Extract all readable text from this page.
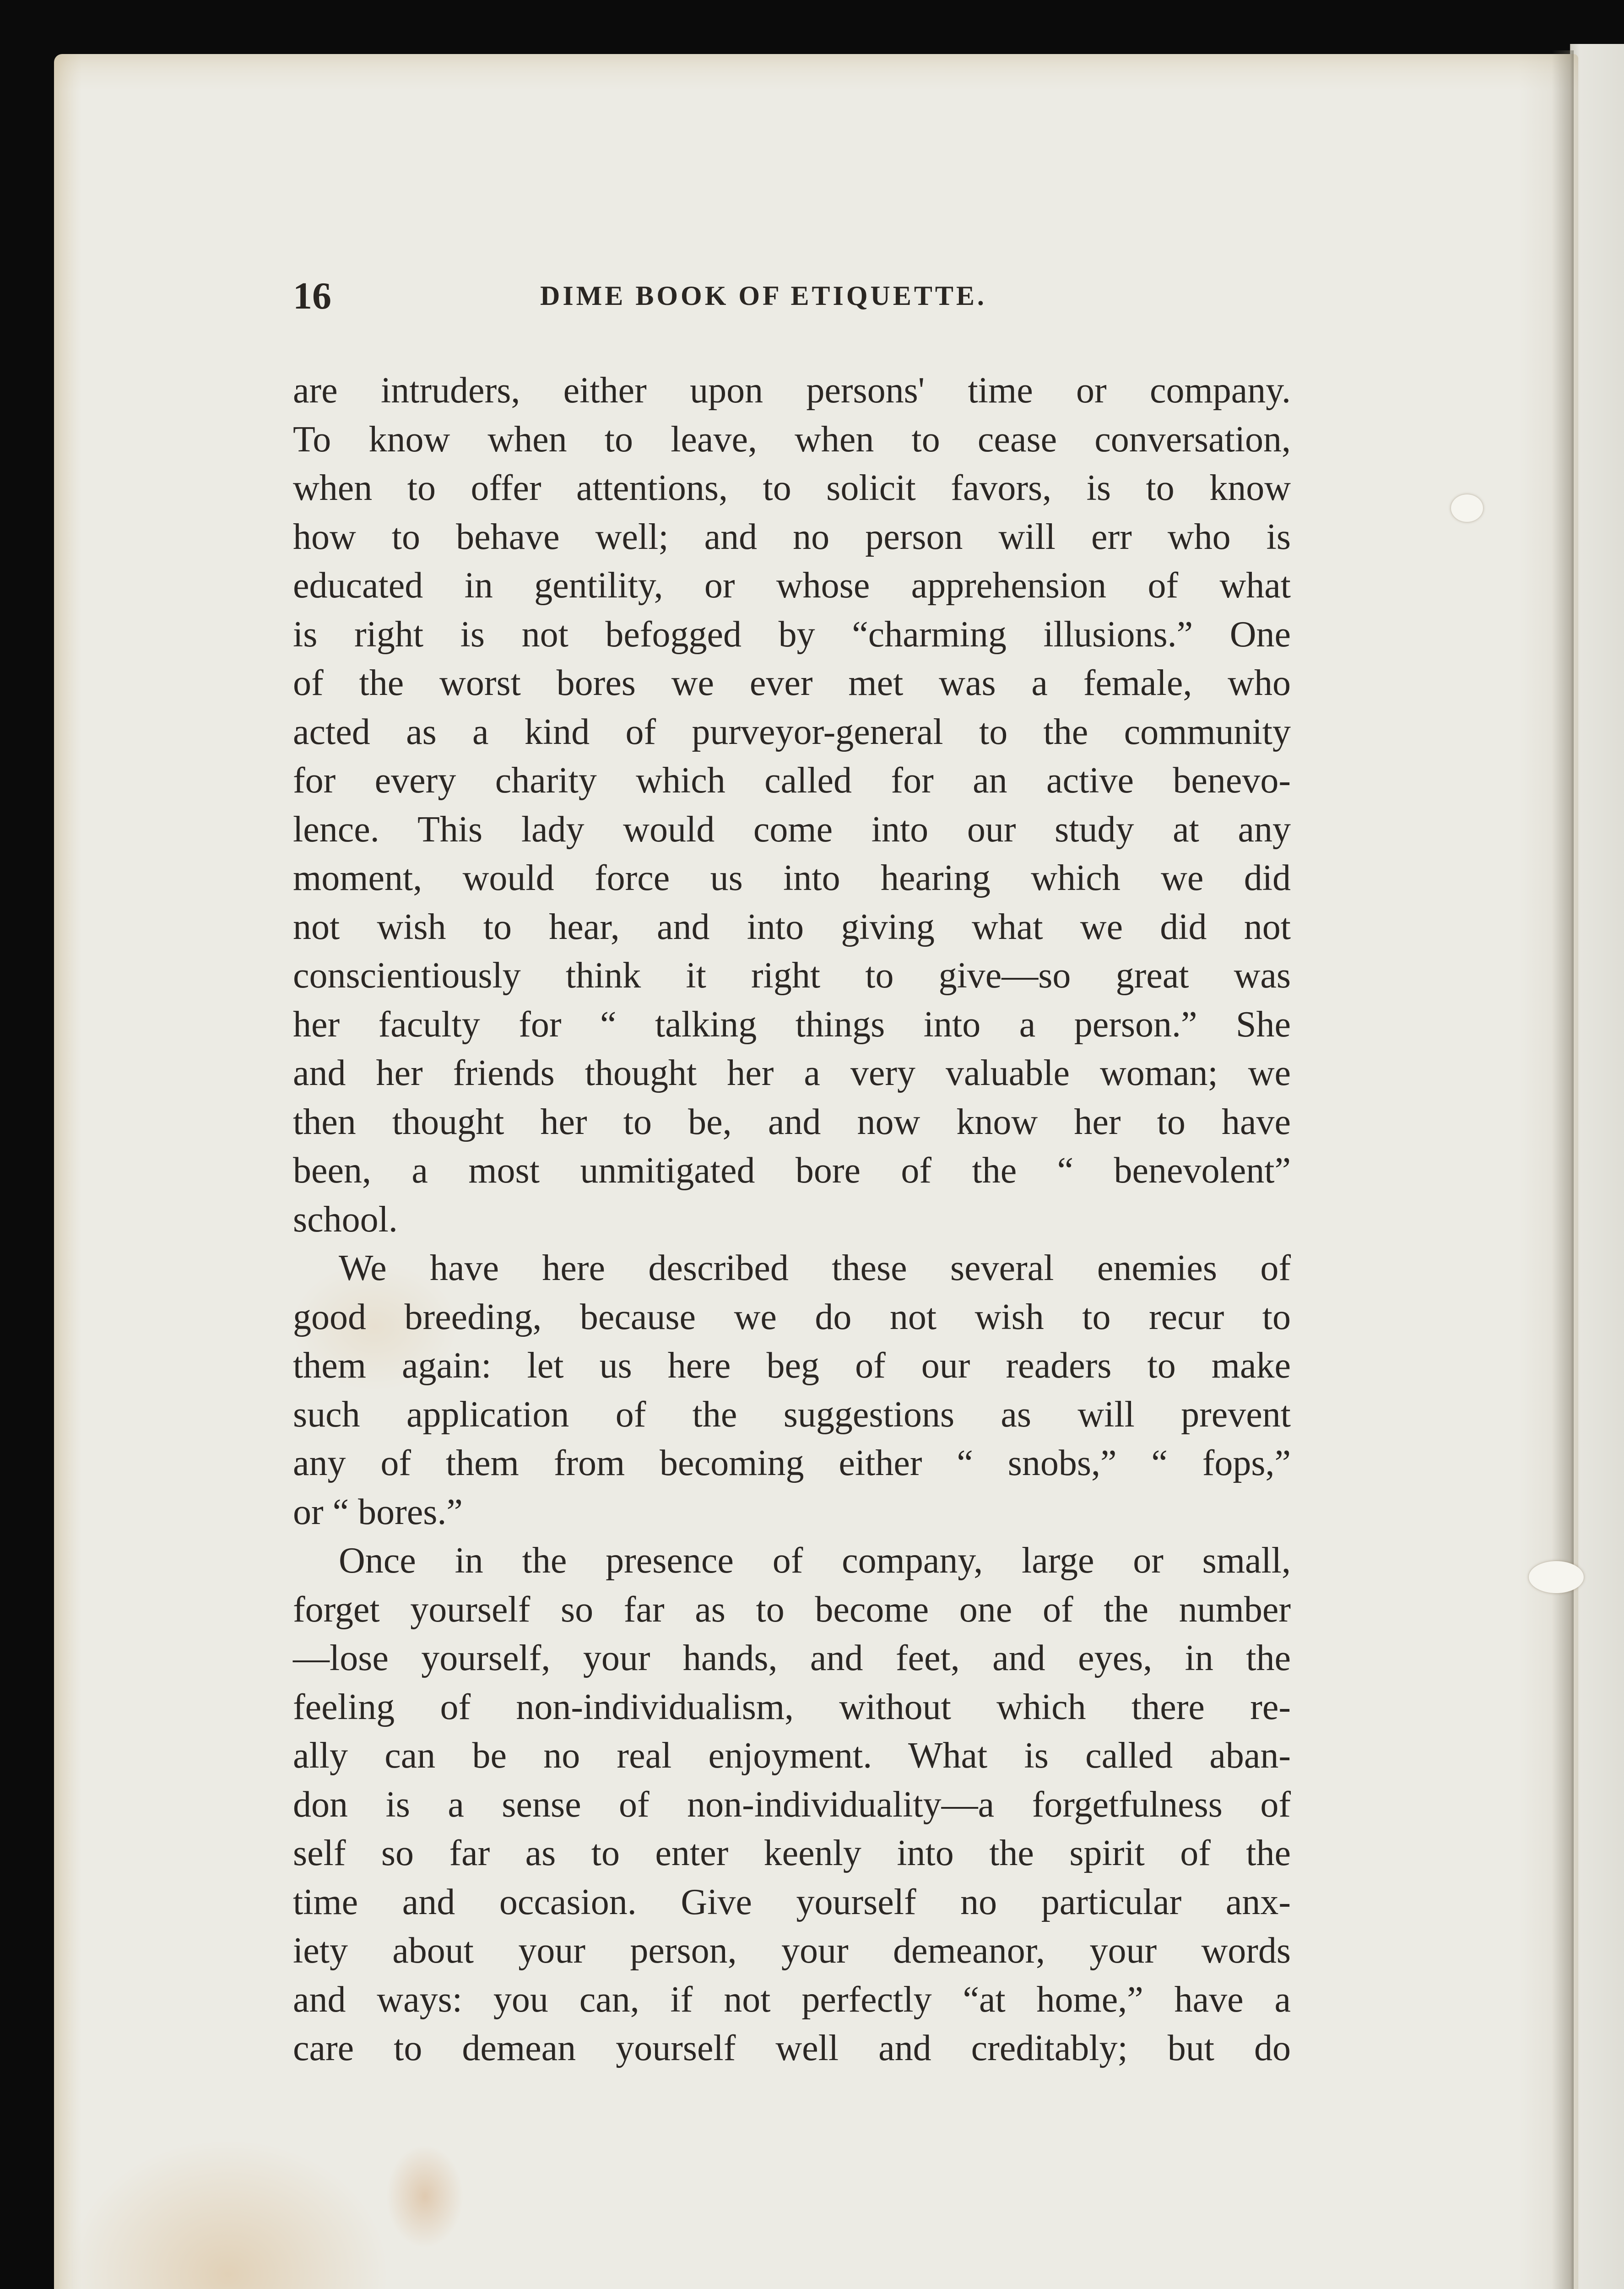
16	DIME BOOK OF ETIQUETTE.
are intruders, either upon persons' time or company.
To know when to leave, when to cease conversation,
when to offer attentions, to solicit favors, is to know
how to behave well; and no person will err who is
educated in gentility, or whose apprehension of what
is right is not befogged by “charming illusions.” One
of the worst bores we ever met was a female, who
acted as a kind of purveyor-general to the community
for every charity which called for an active benevo-
lence. This lady would come into our study at any
moment, would force us into hearing which we did
not wish to hear, and into giving what we did not
conscientiously think it right to give—so great was
her faculty for “ talking things into a person.” She
and her friends thought her a very valuable woman; we
then thought her to be, and now know her to have
been, a most unmitigated bore of the “ benevolent”
school.
We have here described these several enemies of
good breeding, because we do not wish to recur to
them again: let us here beg of our readers to make
such application of the suggestions as will prevent
any of them from becoming either “ snobs,” “ fops,”
or “ bores.”
Once in the presence of company, large or small,
forget yourself so far as to become one of the number
—lose yourself, your hands, and feet, and eyes, in the
feeling of non-individualism, without which there re-
ally can be no real enjoyment. What is called aban-
don is a sense of non-individuality—a forgetfulness of
self so far as to enter keenly into the spirit of the
time and occasion. Give yourself no particular anx-
iety about your person, your demeanor, your words
and ways: you can, if not perfectly “at home,” have a
care to demean yourself well and creditably; but do
